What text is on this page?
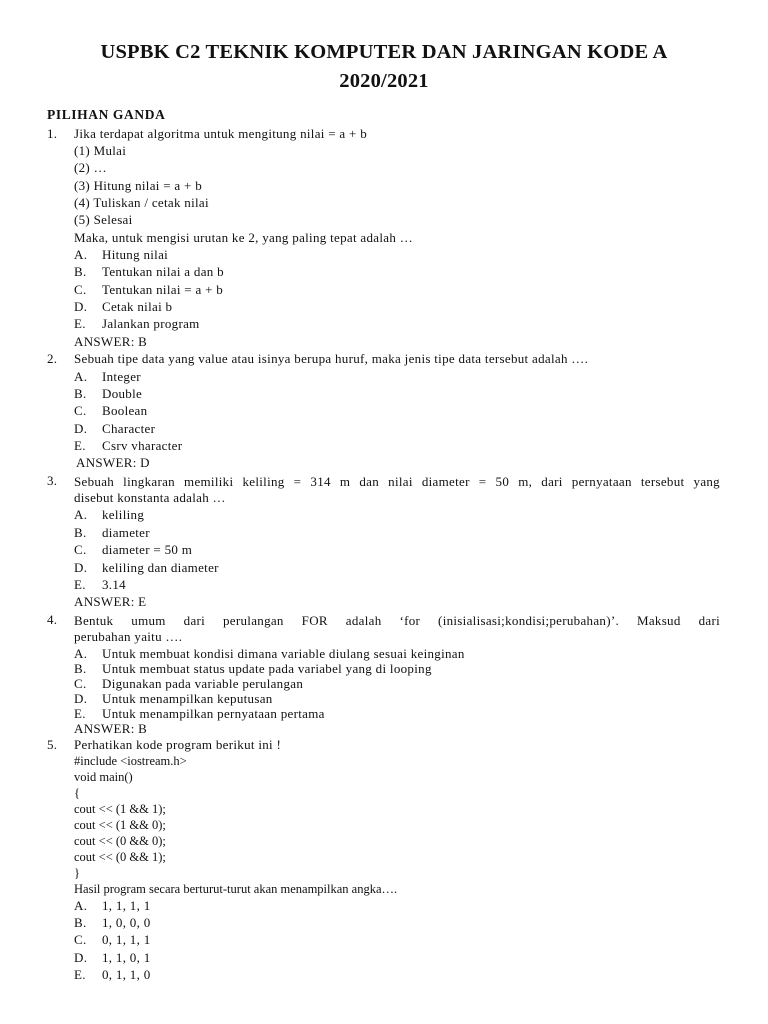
USPBK C2 TEKNIK KOMPUTER DAN JARINGAN KODE A
2020/2021
PILIHAN GANDA
1. Jika terdapat algoritma untuk mengitung nilai = a + b
(1) Mulai
(2) …
(3) Hitung nilai = a + b
(4) Tuliskan / cetak nilai
(5) Selesai
Maka, untuk mengisi urutan ke 2, yang paling tepat adalah …
A. Hitung nilai
B. Tentukan nilai a dan b
C. Tentukan nilai = a + b
D. Cetak nilai b
E. Jalankan program
ANSWER: B
2. Sebuah tipe data yang value atau isinya berupa huruf, maka jenis tipe data tersebut adalah ….
A. Integer
B. Double
C. Boolean
D. Character
E. Csrv vharacter
ANSWER: D
3. Sebuah lingkaran memiliki keliling = 314 m dan nilai diameter = 50 m, dari pernyataan tersebut yang
disebut konstanta adalah …
A. keliling
B. diameter
C. diameter = 50 m
D. keliling dan diameter
E. 3.14
ANSWER: E
4. Bentuk umum dari perulangan FOR adalah ‘for (inisialisasi;kondisi;perubahan)’. Maksud dari
perubahan yaitu ….
A. Untuk membuat kondisi dimana variable diulang sesuai keinginan
B. Untuk membuat status update pada variabel yang di looping
C. Digunakan pada variable perulangan
D. Untuk menampilkan keputusan
E. Untuk menampilkan pernyataan pertama
ANSWER: B
5. Perhatikan kode program berikut ini !
#include <iostream.h>
void main()
{
cout << (1 && 1);
cout << (1 && 0);
cout << (0 && 0);
cout << (0 && 1);
}
Hasil program secara berturut-turut akan menampilkan angka….
A. 1, 1, 1, 1
B. 1, 0, 0, 0
C. 0, 1, 1, 1
D. 1, 1, 0, 1
E. 0, 1, 1, 0
